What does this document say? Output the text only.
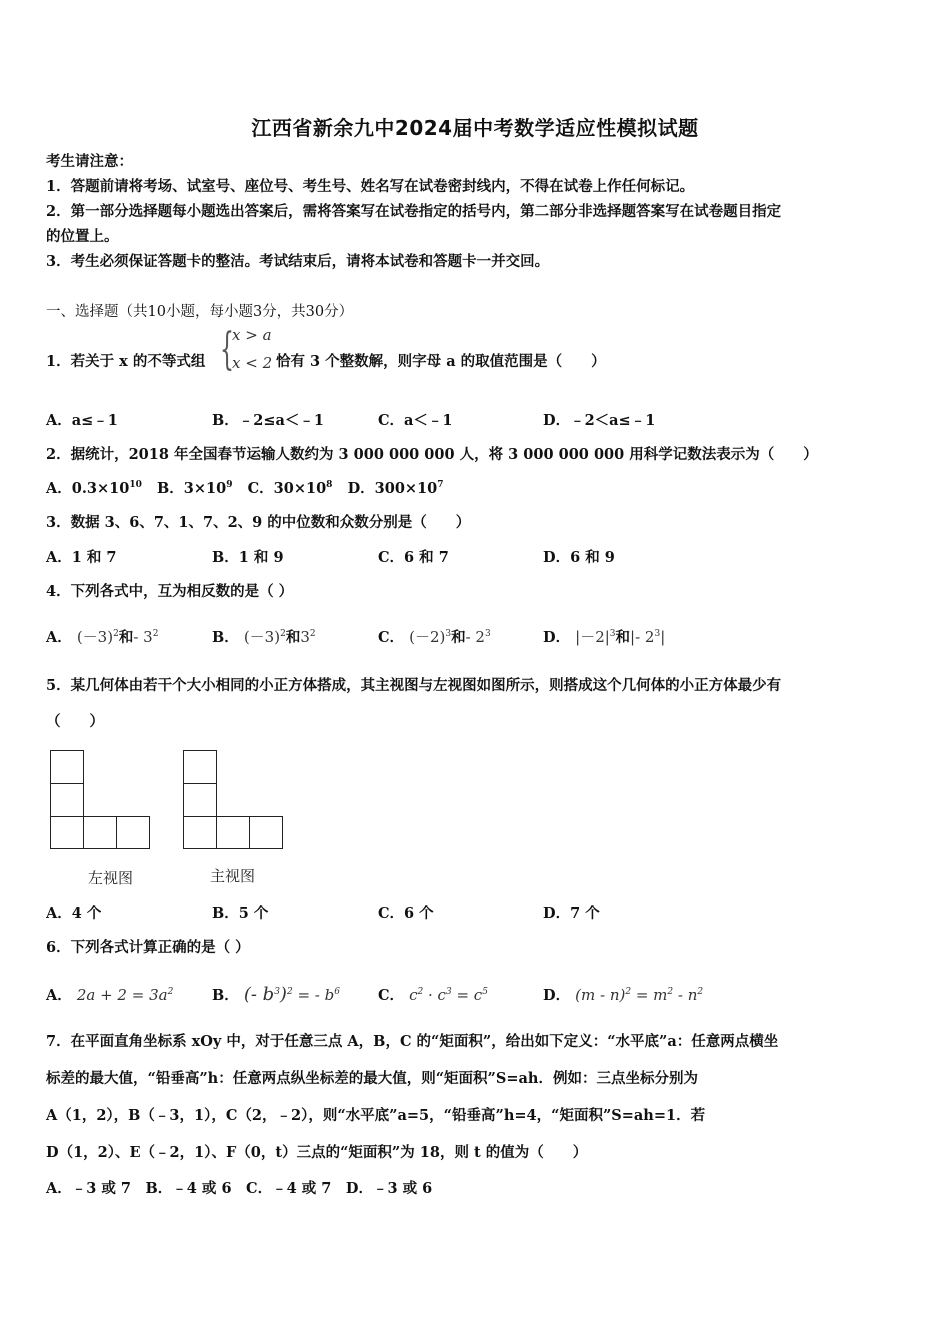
江西省新余九中2024届中考数学适应性模拟试题
考生请注意：
1．答题前请将考场、试室号、座位号、考生号、姓名写在试卷密封线内，不得在试卷上作任何标记。
2．第一部分选择题每小题选出答案后，需将答案写在试卷指定的括号内，第二部分非选择题答案写在试卷题目指定
的位置上。
3．考生必须保证答题卡的整洁。考试结束后，请将本试卷和答题卡一并交回。
一、选择题（共10小题，每小题3分，共30分）
1．若关于 x 的不等式组 {
x > a
x < 2 恰有 3 个整数解，则字母 a 的取值范围是（　　）
A．a≤﹣1	B．﹣2≤a＜﹣1	C．a＜﹣1	D．﹣2＜a≤﹣1
2．据统计，2018 年全国春节运输人数约为 3 000 000 000 人，将 3 000 000 000 用科学记数法表示为（　　）
A．$0.3\times 10^{10}$ B．$3\times 10^9$ C．$30\times 10^8$ D．$300\times 10^7$
3．数据 3、6、7、1、7、2、9 的中位数和众数分别是（　　）
A．1 和 7	B．1 和 9	C．6 和 7	D．6 和 9
4．下列各式中，互为相反数的是（ ）
A． $(-3)^2$和- $3^2$	B． $(-3)^2$和$3^2$	C． $(-2)^3$和- $2^3$	D． $|-2|^3$和|- $2^3|$
5．某几何体由若干个大小相同的小正方体搭成，其主视图与左视图如图所示，则搭成这个几何体的小正方体最少有
（　　）
左视图	主视图
A．4 个	B．5 个	C．6 个	D．7 个
6．下列各式计算正确的是（ ）
A． $2a + 2 = 3a^2$	B． (- $b^3)^2$ = - $b^6$	C． $c^2 \cdot c^3 = c^5$	D． $(m - n)^2 = m^2 - n^2$
7．在平面直角坐标系 xOy 中，对于任意三点 A，B，C 的“矩面积”，给出如下定义：“水平底”a：任意两点横坐
标差的最大值，“铅垂高”h：任意两点纵坐标差的最大值，则“矩面积”S=ah．例如：三点坐标分别为
A（1，2），B（﹣3，1），C（2，﹣2），则“水平底”a=5，“铅垂高”h=4，“矩面积”S=ah=1．若
D（1，2）、E（﹣2，1）、F（0，t）三点的“矩面积”为 18，则 t 的值为（　　）
A．﹣3 或 7　B．﹣4 或 6　C．﹣4 或 7　D．﹣3 或 6
